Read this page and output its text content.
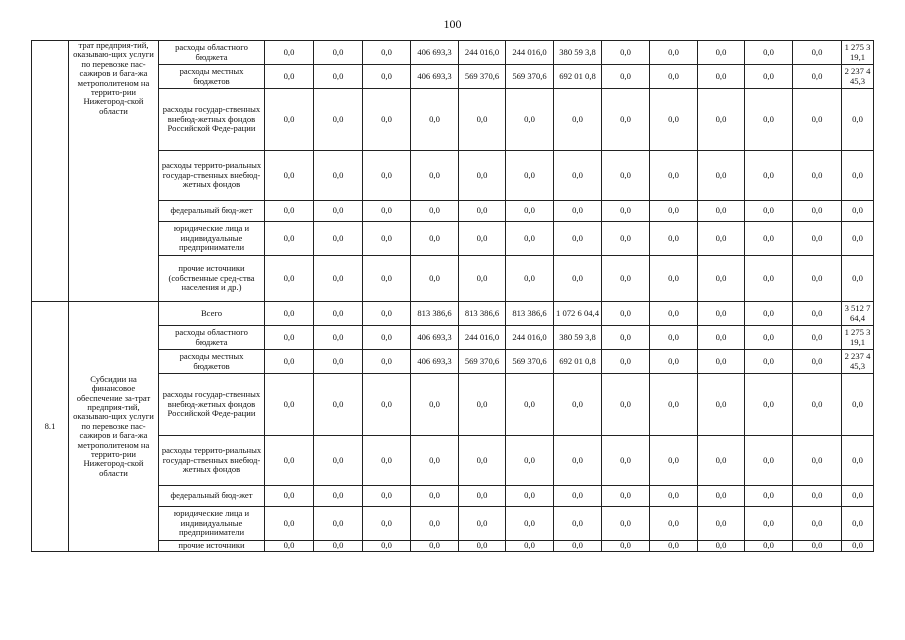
100
	трат предприя-тий, оказываю-щих услуги по перевозке пас-сажиров и бага-жа метрополитеном на террито-рии Нижегород-ской области	расходы областного бюджета	0,0	0,0	0,0	406 693,3	244 016,0	244 016,0	380 59 3,8	0,0	0,0	0,0	0,0	0,0	1 275 3 19,1
		расходы местных бюджетов	0,0	0,0	0,0	406 693,3	569 370,6	569 370,6	692 01 0,8	0,0	0,0	0,0	0,0	0,0	2 237 4 45,3
		расходы государ-ственных внебюд-жетных фондов Российской Феде-рации	0,0	0,0	0,0	0,0	0,0	0,0	0,0	0,0	0,0	0,0	0,0	0,0	0,0
		расходы террито-риальных государ-ственных внебюд-жетных фондов	0,0	0,0	0,0	0,0	0,0	0,0	0,0	0,0	0,0	0,0	0,0	0,0	0,0
		федеральный бюд-жет	0,0	0,0	0,0	0,0	0,0	0,0	0,0	0,0	0,0	0,0	0,0	0,0	0,0
		юридические лица и индивидуальные предприниматели	0,0	0,0	0,0	0,0	0,0	0,0	0,0	0,0	0,0	0,0	0,0	0,0	0,0
		прочие источники (собственные сред-ства населения и др.)	0,0	0,0	0,0	0,0	0,0	0,0	0,0	0,0	0,0	0,0	0,0	0,0	0,0
8.1	Субсидии на финансовое обеспечение за-трат предприя-тий, оказываю-щих услуги по перевозке пас-сажиров и бага-жа метрополитеном на террито-рии Нижегород-ской области	Всего	0,0	0,0	0,0	813 386,6	813 386,6	813 386,6	1 072 6 04,4	0,0	0,0	0,0	0,0	0,0	3 512 7 64,4
		расходы областного бюджета	0,0	0,0	0,0	406 693,3	244 016,0	244 016,0	380 59 3,8	0,0	0,0	0,0	0,0	0,0	1 275 3 19,1
		расходы местных бюджетов	0,0	0,0	0,0	406 693,3	569 370,6	569 370,6	692 01 0,8	0,0	0,0	0,0	0,0	0,0	2 237 4 45,3
		расходы государ-ственных внебюд-жетных фондов Российской Феде-рации	0,0	0,0	0,0	0,0	0,0	0,0	0,0	0,0	0,0	0,0	0,0	0,0	0,0
		расходы террито-риальных государ-ственных внебюд-жетных фондов	0,0	0,0	0,0	0,0	0,0	0,0	0,0	0,0	0,0	0,0	0,0	0,0	0,0
		федеральный бюд-жет	0,0	0,0	0,0	0,0	0,0	0,0	0,0	0,0	0,0	0,0	0,0	0,0	0,0
		юридические лица и индивидуальные предприниматели	0,0	0,0	0,0	0,0	0,0	0,0	0,0	0,0	0,0	0,0	0,0	0,0	0,0
		прочие источники	0,0	0,0	0,0	0,0	0,0	0,0	0,0	0,0	0,0	0,0	0,0	0,0	0,0
